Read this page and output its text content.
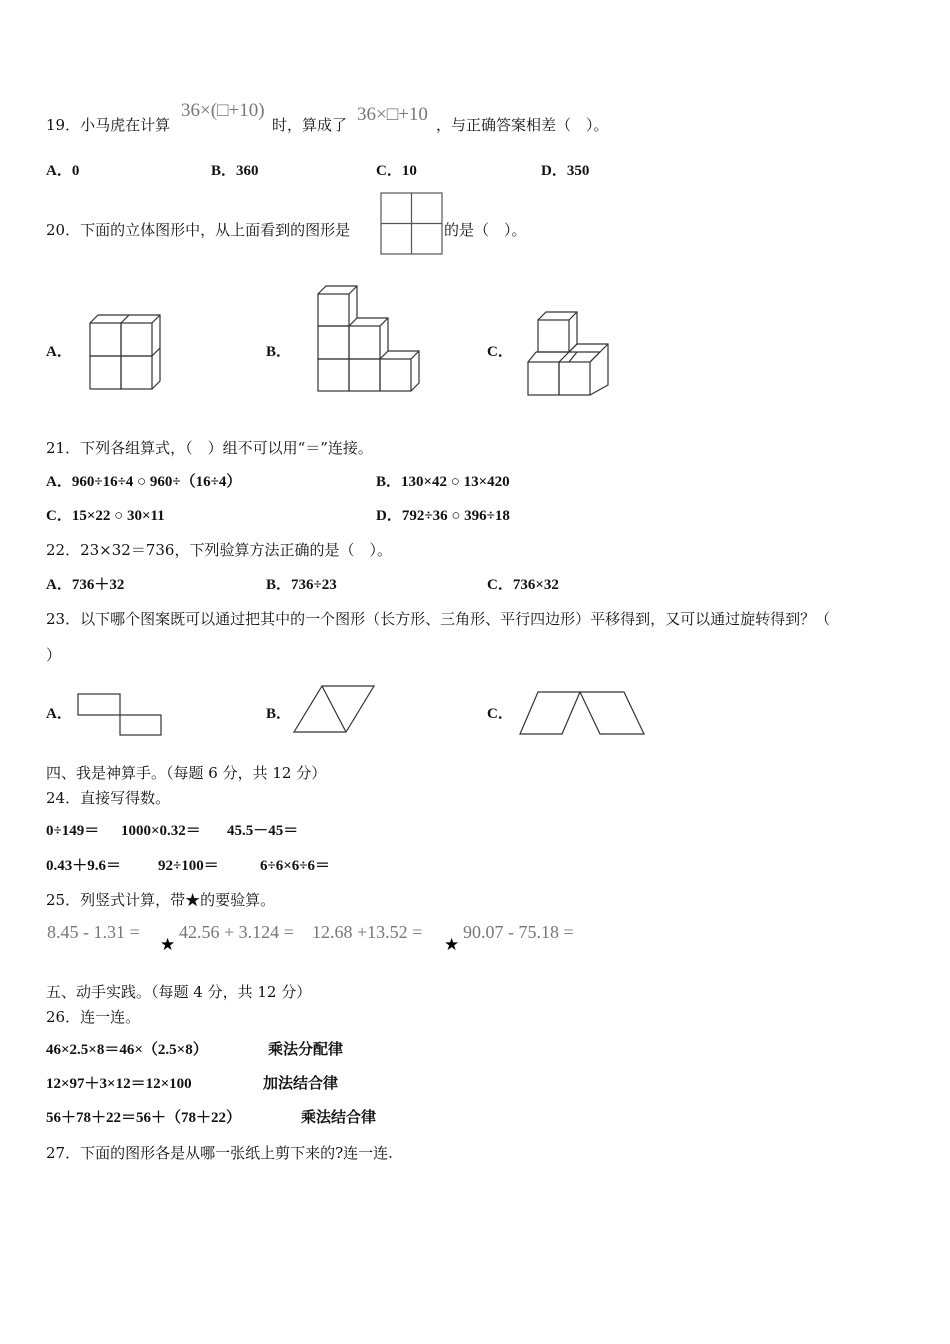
19．小马虎在计算
36×(□+10)
时，算成了 36×□+10 ，与正确答案相差（　）。
A．0	B．360	C．10	D．350
20．下面的立体图形中，从上面看到的图形是	的是（　）。
A．	B．	C．
21．下列各组算式，（　）组不可以用“＝”连接。
A．960÷16÷4 ○ 960÷（16÷4）	B．130×42 ○ 13×420
C．15×22 ○ 30×11	D．792÷36 ○ 396÷18
22．23×32＝736，下列验算方法正确的是（　）。
A．736＋32	B．736÷23	C．736×32
23．以下哪个图案既可以通过把其中的一个图形（长方形、三角形、平行四边形）平移得到，又可以通过旋转得到？（
）
A．	B．	C．
四、我是神算手。（每题 6 分，共 12 分）
24．直接写得数。
0÷149＝ 1000×0.32＝ 45.5－45＝
0.43＋9.6＝ 92÷100＝	6÷6×6÷6＝
25．列竖式计算，带★的要验算。
8.45 - 1.31 =
★
42.56 + 3.124 = 12.68 +13.52 =
★
90.07 - 75.18 =
五、动手实践。（每题 4 分，共 12 分）
26．连一连。
46×2.5×8＝46×（2.5×8）	乘法分配律
12×97＋3×12＝12×100	加法结合律
56＋78＋22＝56＋（78＋22）	乘法结合律
27．下面的图形各是从哪一张纸上剪下来的?连一连.
